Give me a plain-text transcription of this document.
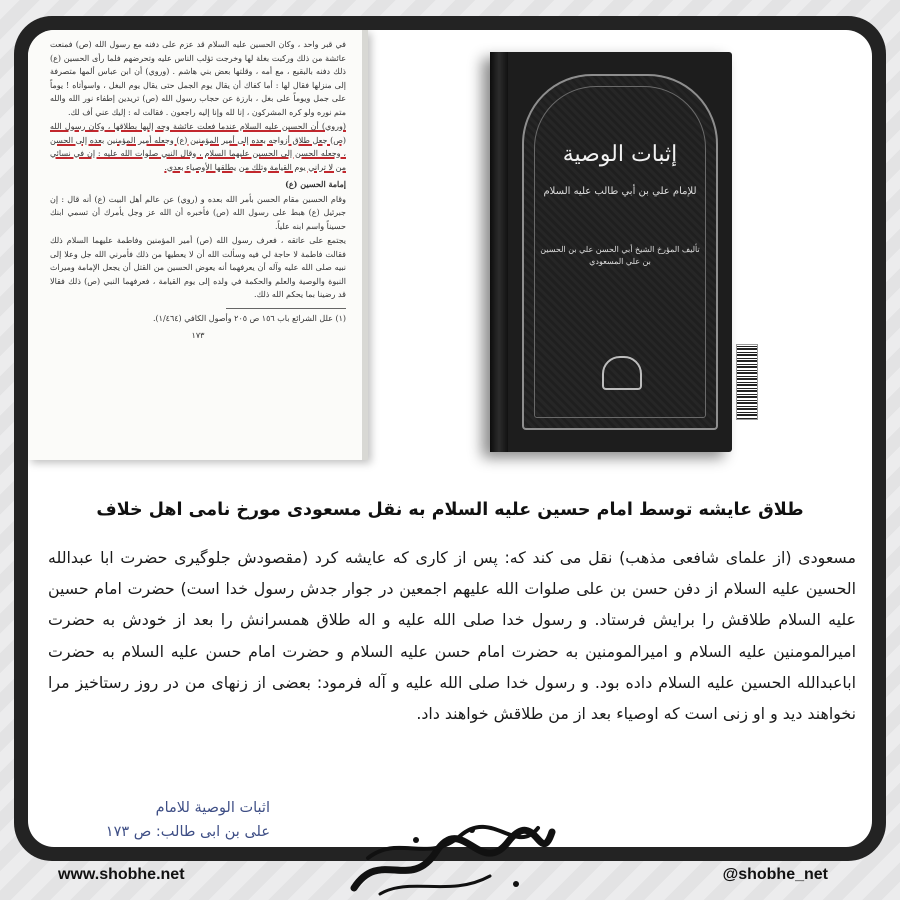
في قبر واحد ، وكان الحسين عليه السلام قد عزم على دفنه مع رسول الله (ص) فمنعت عائشة من ذلك وركبت بغلة لها وخرجت تؤلب الناس عليه وتحرضهم فلما رأى الحسين (ع) ذلك دفنه بالبقيع ، مع أمه ، وقلتها بعض بني هاشم . (وروي) أن ابن عباس ألمها متصرفة إلى منزلها فقال لها : أما كفاك أن يقال يوم الجمل حتى يقال يوم البغل ، واسوأتاه ! يوماً على جمل ويوماً على بغل ، بارزة عن حجاب رسول الله (ص) تريدين إطفاء نور الله والله متم نوره ولو كره المشركون ، إنا لله وإنا إليه راجعون . فقالت له : إليك عني أف لك.

(وروي) أن الحسين عليه السلام عندما فعلت عائشة وجه إليها بطلاقها ، وكان رسول الله (ص) جعل طلاق أزواجه بعده إلى أمير المؤمنين (ع) وجعله أمير المؤمنين بعده إلى الحسن ، وجعله الحسن إلى الحسين عليهما السلام ، وقال النبي صلوات الله عليه : إن في نسائي من لا تراني يوم القيامة وتلك من يطلقها الأوصياء بعدي.

إمامة الحسين (ع)

وقام الحسين مقام الحسن بأمر الله بعده و (روي) عن عالم أهل البيت (ع) أنه قال : إن جبرئيل (ع) هبط على رسول الله (ص) فأخبره أن الله عز وجل يأمرك أن تسمي ابنك حسيناً واسم ابنه علياً.

يجتمع على عاتقه ، فعرف رسول الله (ص) أمير المؤمنين وفاطمة عليهما السلام ذلك فقالت فاطمة لا حاجة لي فيه وسألت الله أن لا يعطيها من ذلك فأمرني الله جل وعلا إلى نبيه صلى الله عليه وآله أن يعرفهما أنه يعوض الحسين من القتل أن يجعل الإمامة وميراث النبوة والوصية والعلم والحكمة في ولده إلى يوم القيامة ، فعرفهما النبي (ص) ذلك فقالا قد رضينا بما يحكم الله ذلك.

(١) علل الشرائع باب ١٥٦ ص ٢٠٥ وأصول الكافي (١/٤٦٤).

١٧٣

إثبات الوصية
للإمام علي بن أبي طالب عليه السلام
تأليف المؤرخ الشيخ أبي الحسن علي بن الحسين بن علي المسعودي
طلاق عایشه توسط امام حسین علیه السلام به نقل مسعودی مورخ نامی اهل خلاف

مسعودی (از علمای شافعی مذهب) نقل می کند که: پس از کاری که عایشه کرد (مقصودش جلوگیری حضرت ابا عبدالله الحسین علیه السلام از دفن حسن بن علی صلوات الله علیهم اجمعین در جوار جدش رسول خدا است) حضرت امام حسین علیه السلام طلاقش را برایش فرستاد. و رسول خدا صلی الله علیه و اله طلاق همسرانش را بعد از خودش به حضرت امیرالمومنین علیه السلام و امیرالمومنین به حضرت امام حسن علیه السلام و حضرت امام حسن علیه السلام به حضرت اباعبدالله الحسین علیه السلام داده بود. و رسول خدا صلی الله علیه و آله فرمود: بعضی از زنهای من در روز رستاخیز مرا نخواهند دید و او زنی است که اوصیاء بعد از من طلاقش خواهند داد.

اثبات الوصیة للامام
علی بن ابی طالب: ص ۱۷۳
www.shobhe.net	@shobhe_net
